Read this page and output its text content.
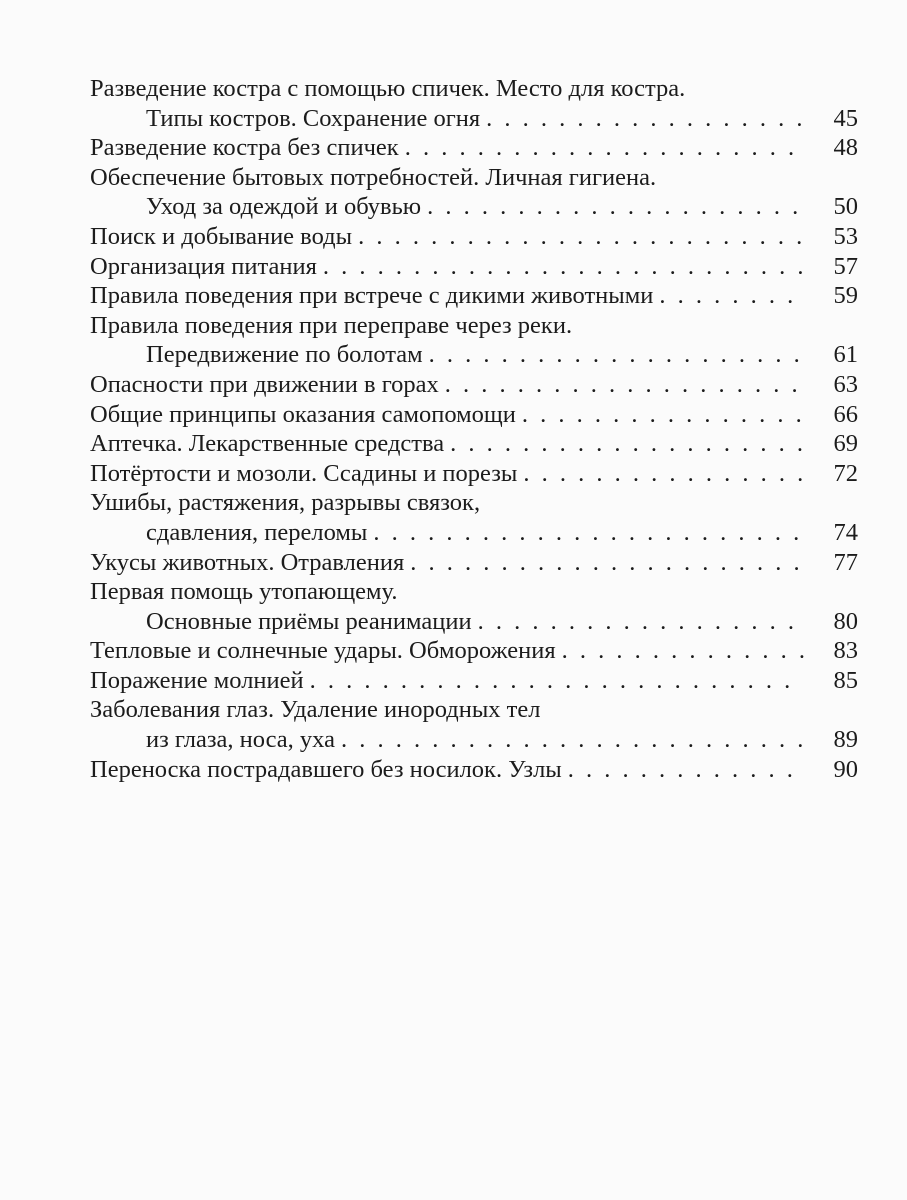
Разведение костра с помощью спичек. Место для костра.
Типы костров. Сохранение огня . . .	45
Разведение костра без спичек . . .	48
Обеспечение бытовых потребностей. Личная гигиена.
Уход за одеждой и обувью . . .	50
Поиск и добывание воды . . .	53
Организация питания . . .	57
Правила поведения при встрече с дикими животными . . .	59
Правила поведения при переправе через реки.
Передвижение по болотам . . .	61
Опасности при движении в горах . . .	63
Общие принципы оказания самопомощи . . .	66
Аптечка. Лекарственные средства . . .	69
Потёртости и мозоли. Ссадины и порезы . . .	72
Ушибы, растяжения, разрывы связок,
сдавления, переломы . . .	74
Укусы животных. Отравления . . .	77
Первая помощь утопающему.
Основные приёмы реанимации . . .	80
Тепловые и солнечные удары. Обморожения . . .	83
Поражение молнией . . .	85
Заболевания глаз. Удаление инородных тел
из глаза, носа, уха . . .	89
Переноска пострадавшего без носилок. Узлы . . .	90
